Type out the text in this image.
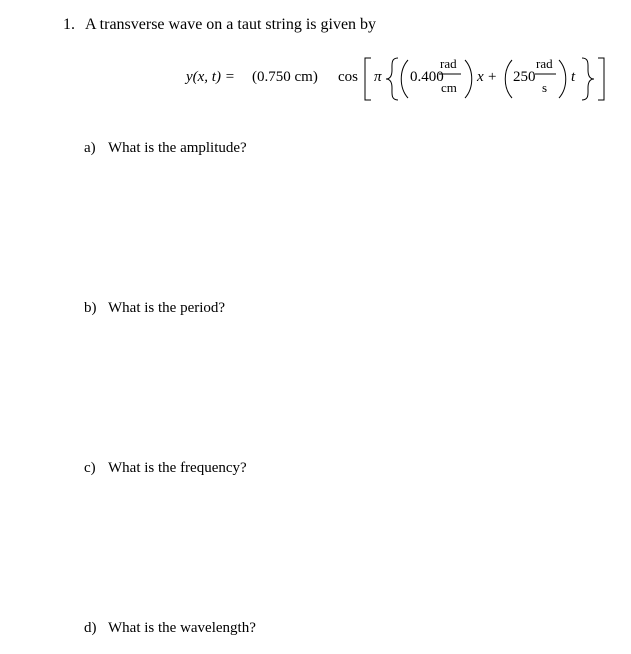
1. A transverse wave on a taut string is given by
y(x, t) = (0.750 cm) cos π 0.400
rad
cm
x + 250
rad
s
t
a) What is the amplitude?
b) What is the period?
c) What is the frequency?
d) What is the wavelength?
